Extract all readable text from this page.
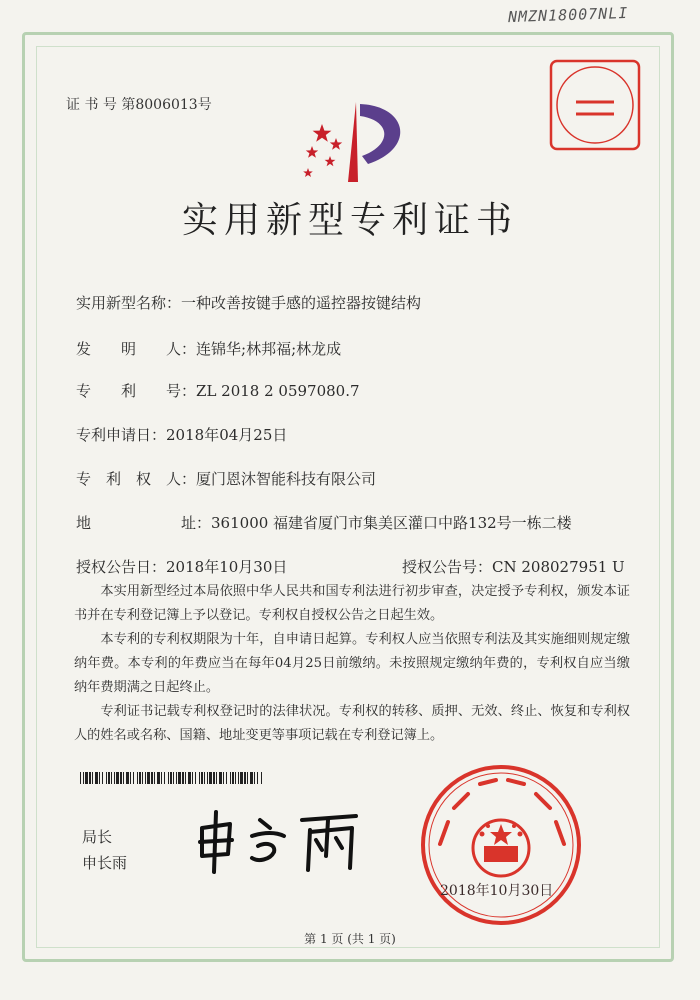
NMZN18007NLI
证 书 号 第8006013号
实用新型专利证书
实用新型名称：一种改善按键手感的遥控器按键结构
发　　明　　人：连锦华;林邦福;林龙成
专　　利　　号：ZL 2018 2 0597080.7
专利申请日：2018年04月25日
专　利　权　人：厦门恩沐智能科技有限公司
地　　　　　　址：361000 福建省厦门市集美区灌口中路132号一栋二楼
授权公告日：2018年10月30日	授权公告号：CN 208027951 U

本实用新型经过本局依照中华人民共和国专利法进行初步审查，决定授予专利权，颁发本证书并在专利登记簿上予以登记。专利权自授权公告之日起生效。

本专利的专利权期限为十年，自申请日起算。专利权人应当依照专利法及其实施细则规定缴纳年费。本专利的年费应当在每年04月25日前缴纳。未按照规定缴纳年费的，专利权自应当缴纳年费期满之日起终止。

专利证书记载专利权登记时的法律状况。专利权的转移、质押、无效、终止、恢复和专利权人的姓名或名称、国籍、地址变更等事项记载在专利登记簿上。

局长
申长雨
2018年10月30日
第 1 页 (共 1 页)
